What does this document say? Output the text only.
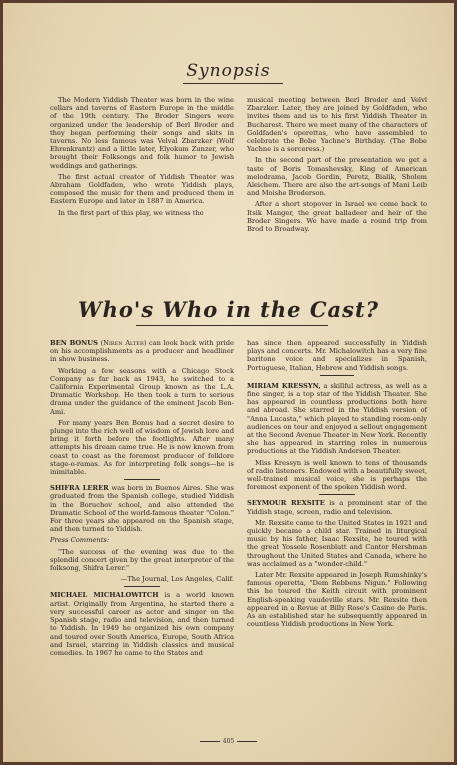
Synopsis

The Modern Yiddish Theater was born in the wine cellars and taverns of Eastern Europe in the middle of the 19th century. The Broder Singers were organized under the leadership of Berl Broder and they began performing their songs and skits in taverns. No less famous was Velval Zbarzker (Wolf Ehrenkrantz) and a little later, Elyokum Zunzer, who brought their Folksongs and folk humor to Jewish weddings and gatherings.

The first actual creator of Yiddish Theater was Abraham Goldfaden, who wrote Yiddish plays, composed the music for them and produced them in Eastern Europe and later in 1887 in America.

In the first part of this play, we witness the

musical meeting between Berl Broder and Velvl Zbarzker. Later, they are joined by Goldfaden, who invites them and us to his first Yiddish Theater in Bucharest. There we meet many of the characters of Goldfaden's operettas, who have assembled to celebrate the Bobe Yachne's Birthday. (The Bobe Yachne is a sorceress.)

In the second part of the presentation we get a taste of Boris Tomashevsky, King of American melodrama, Jacob Gordin, Peretz, Bialik, Sholem Aleichem. There are also the art-songs of Mani Leib and Moishe Broderson.

After a short stopover in Israel we come back to Itsik Manger, the great balladeer and heir of the Broder Singers. We have made a round trip from Brod to Broadway.

Who's Who in the Cast?

BEN BONUS (Niren Alter) can look back with pride on his accomplishments as a producer and headliner in show business.

Working a few seasons with a Chicago Stock Company as far back as 1943, he switched to a California Experimental Group known as the L.A. Dramatic Workshop. He then took a turn to serious drama under the guidance of the eminent Jacob Ben-Ami.

For many years Ben Bonus had a secret desire to plunge into the rich well of wisdom of Jewish lore and bring it forth before the footlights. After many attempts his dream came true. He is now known from coast to coast as the foremost producer of folklore stage-o-ramas. As for interpreting folk songs—he is inimitable.

SHIFRA LERER was born in Buenos Aires. She was graduated from the Spanish college, studied Yiddish in the Boruchov school, and also attended the Dramatic School of the world-famous theater "Colon." For three years she appeared on the Spanish stage, and then turned to Yiddish.

Press Comments:

"The success of the evening was due to the splendid concert given by the great interpreter of the folksong, Shifra Lerer."

—The Journal, Los Angeles, Calif.

MICHAEL MICHALOWITCH is a world known artist. Originally from Argentina, he started there a very successful career as actor and singer on the Spanish stage, radio and television, and then turned to Yiddish. In 1949 he organized his own company and toured over South America, Europe, South Africa and Israel, starring in Yiddish classics and musical comedies. In 1967 he came to the States and

has since then appeared successfully in Yiddish plays and concerts. Mr. Michalowitch has a very fine baritone voice and specializes in Spanish, Portuguese, Italian, Hebrew and Yiddish songs.

MIRIAM KRESSYN, a skillful actress, as well as a fine singer, is a top star of the Yiddish Theater. She has appeared in countless productions both here and abroad. She starred in the Yiddish version of "Anna Lucasta," which played to standing room-only audiences on tour and enjoyed a sellout engagement at the Second Avenue Theater in New York. Recently she has appeared in starring roles in numerous productions at the Yiddish Anderson Theater.

Miss Kressyn is well known to tens of thousands of radio listeners. Endowed with a beautifully sweet, well-trained musical voice, she is perhaps the foremost exponent of the spoken Yiddish word.

SEYMOUR REXSITE is a prominent star of the Yiddish stage, screen, radio and television.

Mr. Rexsite came to the United States in 1921 and quickly became a child star. Trained in liturgical music by his father, Isaac Rexsite, he toured with the great Yossele Rosenblatt and Cantor Hershman throughout the United States and Canada, where he was acclaimed as a "wonder-child."

Later Mr. Rexsite appeared in Joseph Rumshinky's famous operetta, "Dem Rebbens Nigun." Following this he toured the Keith circuit with prominent English-speaking vaudeville stars. Mr. Rexsite then appeared in a Revue at Billy Rose's Casino de Paris. As an established star he subsequently appeared in countless Yiddish productions in New York.

405
